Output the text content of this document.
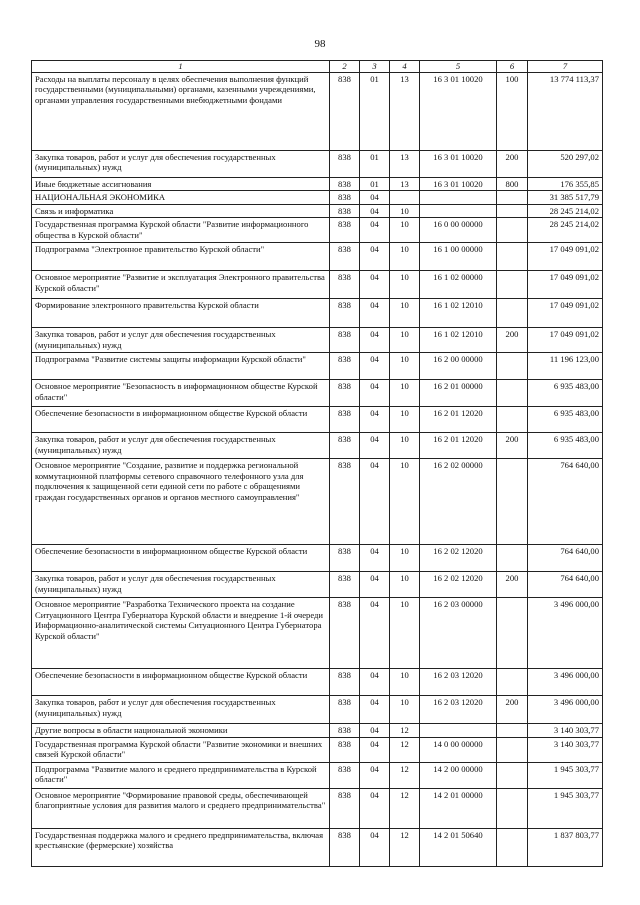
98
1	2	3	4	5	6	7
Расходы на выплаты персоналу в целях обеспечения выполнения функций государственными (муниципальными) органами, казенными учреждениями, органами управления государственными внебюджетными фондами	838	01	13	16 3 01 10020	100	13 774 113,37
Закупка товаров, работ и услуг для обеспечения государственных (муниципальных) нужд	838	01	13	16 3 01 10020	200	520 297,02
Иные бюджетные ассигнования	838	01	13	16 3 01 10020	800	176 355,85
НАЦИОНАЛЬНАЯ ЭКОНОМИКА	838	04				31 385 517,79
Связь и информатика	838	04	10			28 245 214,02
Государственная программа Курской области "Развитие информационного общества в Курской области"	838	04	10	16 0 00 00000		28 245 214,02
Подпрограмма "Электронное правительство Курской области"	838	04	10	16 1 00 00000		17 049 091,02
Основное мероприятие "Развитие и эксплуатация Электронного правительства Курской области"	838	04	10	16 1 02 00000		17 049 091,02
Формирование электронного правительства Курской области	838	04	10	16 1 02 12010		17 049 091,02
Закупка товаров, работ и услуг для обеспечения государственных (муниципальных) нужд	838	04	10	16 1 02 12010	200	17 049 091,02
Подпрограмма "Развитие системы защиты информации Курской области"	838	04	10	16 2 00 00000		11 196 123,00
Основное мероприятие "Безопасность в информационном обществе Курской области"	838	04	10	16 2 01 00000		6 935 483,00
Обеспечение безопасности в информационном обществе Курской области	838	04	10	16 2 01 12020		6 935 483,00
Закупка товаров, работ и услуг для обеспечения государственных (муниципальных) нужд	838	04	10	16 2 01 12020	200	6 935 483,00
Основное мероприятие "Создание, развитие и поддержка региональной коммутационной платформы сетевого справочного телефонного узла для подключения к защищенной сети единой сети по работе с обращениями граждан государственных органов и органов местного самоуправления"	838	04	10	16 2 02 00000		764 640,00
Обеспечение безопасности в информационном обществе Курской области	838	04	10	16 2 02 12020		764 640,00
Закупка товаров, работ и услуг для обеспечения государственных (муниципальных) нужд	838	04	10	16 2 02 12020	200	764 640,00
Основное мероприятие "Разработка Технического проекта на создание Ситуационного Центра Губернатора Курской области и внедрение 1-й очереди Информационно-аналитической системы Ситуационного Центра Губернатора Курской области"	838	04	10	16 2 03 00000		3 496 000,00
Обеспечение безопасности в информационном обществе Курской области	838	04	10	16 2 03 12020		3 496 000,00
Закупка товаров, работ и услуг для обеспечения государственных (муниципальных) нужд	838	04	10	16 2 03 12020	200	3 496 000,00
Другие вопросы в области национальной экономики	838	04	12			3 140 303,77
Государственная программа Курской области "Развитие экономики и внешних связей Курской области"	838	04	12	14 0 00 00000		3 140 303,77
Подпрограмма "Развитие малого и среднего предпринимательства в Курской области"	838	04	12	14 2 00 00000		1 945 303,77
Основное мероприятие "Формирование правовой среды, обеспечивающей благоприятные условия для развития малого и среднего предпринимательства"	838	04	12	14 2 01 00000		1 945 303,77
Государственная поддержка малого и среднего предпринимательства, включая крестьянские (фермерские) хозяйства	838	04	12	14 2 01 50640		1 837 803,77
